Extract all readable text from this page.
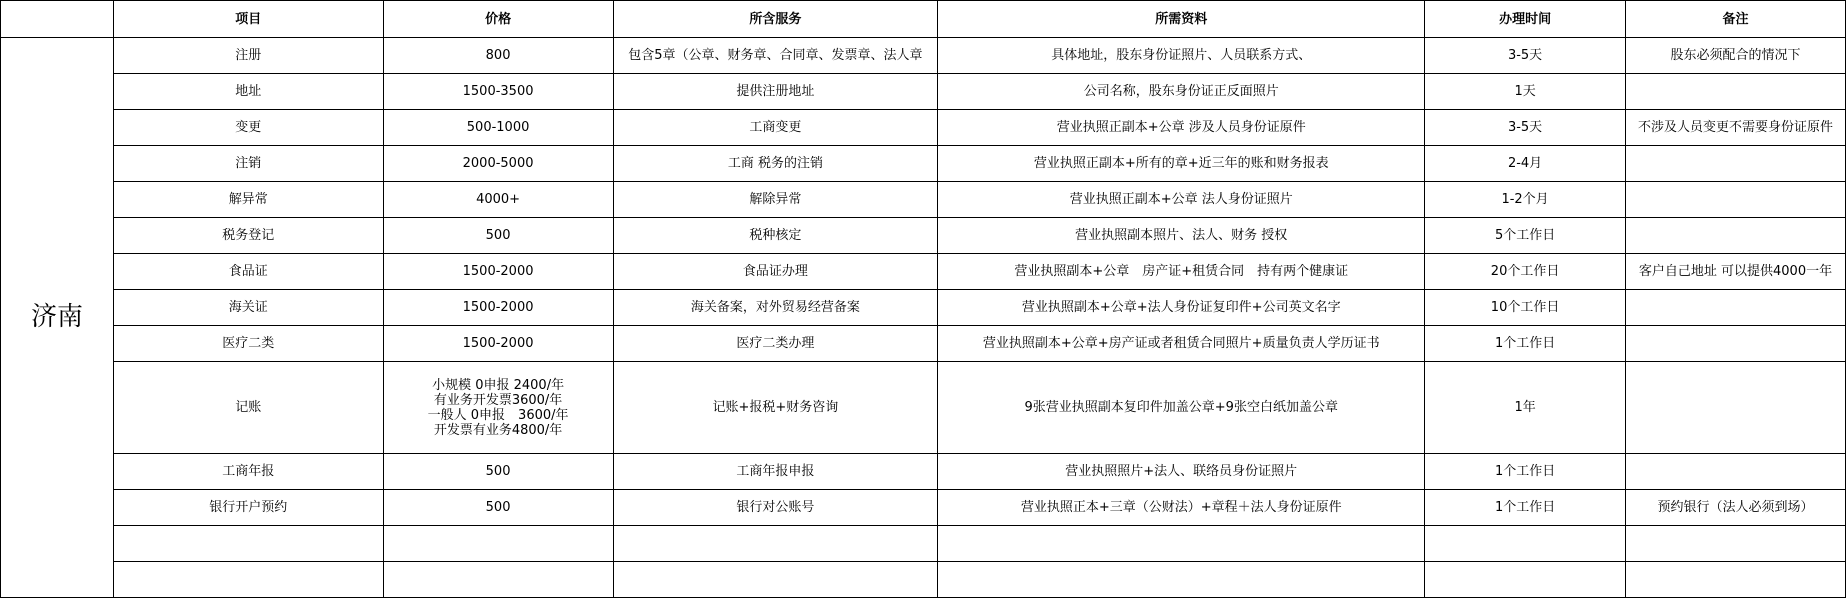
	项目	价格	所含服务	所需资料	办理时间	备注
济南	注册	800	包含5章（公章、财务章、合同章、发票章、法人章	具体地址，股东身份证照片、人员联系方式、	3-5天	股东必须配合的情况下
	地址	1500-3500	提供注册地址	公司名称，股东身份证正反面照片	1天	
	变更	500-1000	工商变更	营业执照正副本+公章 涉及人员身份证原件	3-5天	不涉及人员变更不需要身份证原件
	注销	2000-5000	工商 税务的注销	营业执照正副本+所有的章+近三年的账和财务报表	2-4月	
	解异常	4000+	解除异常	营业执照正副本+公章 法人身份证照片	1-2个月	
	税务登记	500	税种核定	营业执照副本照片、法人、财务 授权	5个工作日	
	食品证	1500-2000	食品证办理	营业执照副本+公章　房产证+租赁合同　持有两个健康证	20个工作日	客户自己地址 可以提供4000一年
	海关证	1500-2000	海关备案，对外贸易经营备案	营业执照副本+公章+法人身份证复印件+公司英文名字	10个工作日	
	医疗二类	1500-2000	医疗二类办理	营业执照副本+公章+房产证或者租赁合同照片+质量负责人学历证书	1个工作日	
	记账	小规模 0申报 2400/年
有业务开发票3600/年
一般人 0申报　3600/年
开发票有业务4800/年	记账+报税+财务咨询	9张营业执照副本复印件加盖公章+9张空白纸加盖公章	1年	
	工商年报	500	工商年报申报	营业执照照片+法人、联络员身份证照片	1个工作日	
	银行开户预约	500	银行对公账号	营业执照正本+三章（公财法）+章程＋法人身份证原件	1个工作日	预约银行（法人必须到场）
